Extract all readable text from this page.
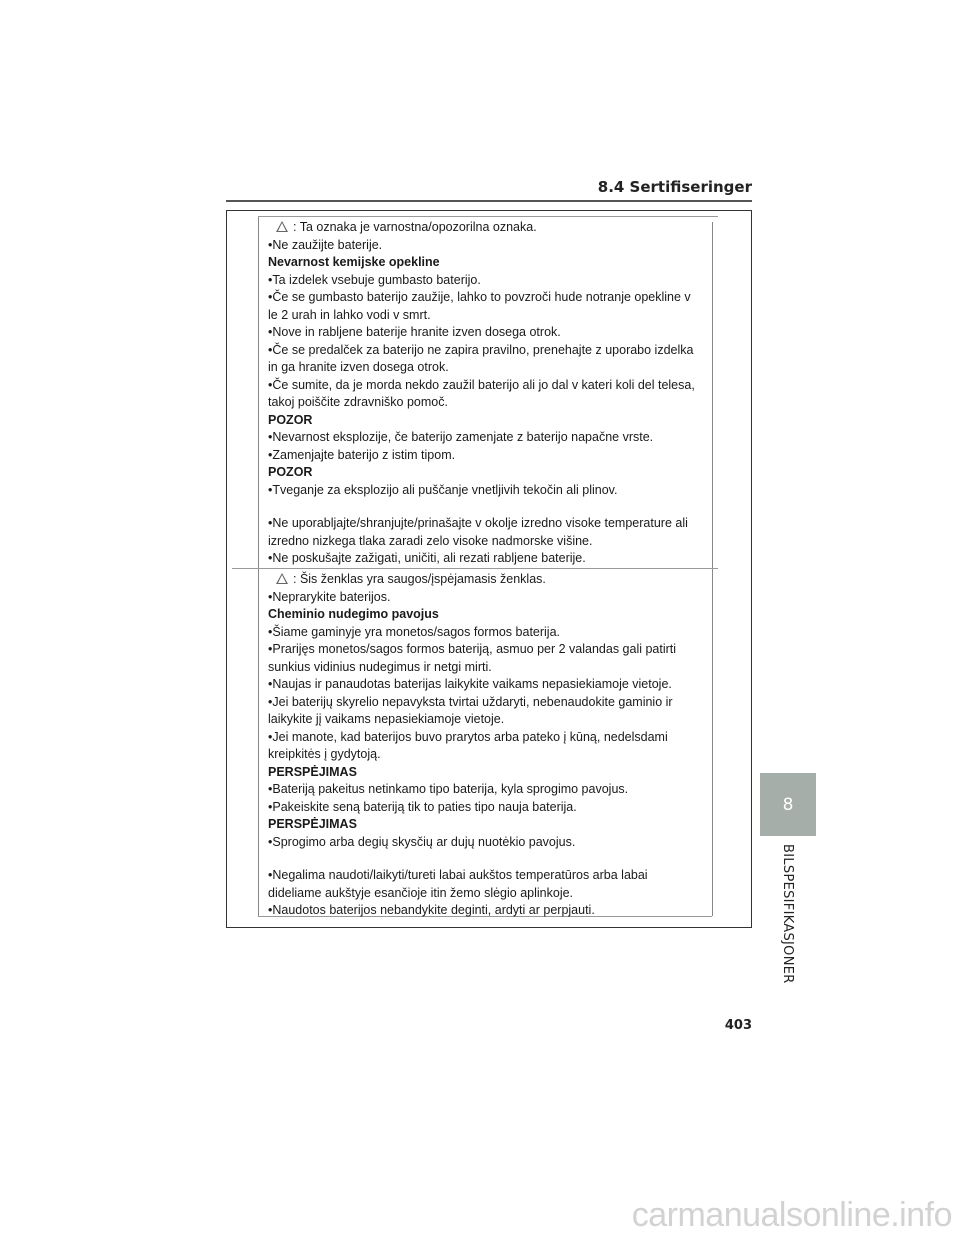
8.4 Sertifiseringer

: Ta oznaka je varnostna/opozorilna oznaka.

•Ne zaužijte baterije.

Nevarnost kemijske opekline

•Ta izdelek vsebuje gumbasto baterijo.

•Če se gumbasto baterijo zaužije, lahko to povzroči hude notranje opekline v

le 2 urah in lahko vodi v smrt.

•Nove in rabljene baterije hranite izven dosega otrok.

•Če se predalček za baterijo ne zapira pravilno, prenehajte z uporabo izdelka

in ga hranite izven dosega otrok.

•Če sumite, da je morda nekdo zaužil baterijo ali jo dal v kateri koli del telesa,

takoj poiščite zdravniško pomoč.

POZOR

•Nevarnost eksplozije, če baterijo zamenjate z baterijo napačne vrste.

•Zamenjajte baterijo z istim tipom.

POZOR

•Tveganje za eksplozijo ali puščanje vnetljivih tekočin ali plinov.

•Ne uporabljajte/shranjujte/prinašajte v okolje izredno visoke temperature ali

izredno nizkega tlaka zaradi zelo visoke nadmorske višine.

•Ne poskušajte zažigati, uničiti, ali rezati rabljene baterije.

: Šis ženklas yra saugos/įspėjamasis ženklas.

•Neprarykite baterijos.

Cheminio nudegimo pavojus

•Šiame gaminyje yra monetos/sagos formos baterija.

•Prarijęs monetos/sagos formos bateriją, asmuo per 2 valandas gali patirti

sunkius vidinius nudegimus ir netgi mirti.

•Naujas ir panaudotas baterijas laikykite vaikams nepasiekiamoje vietoje.

•Jei baterijų skyrelio nepavyksta tvirtai uždaryti, nebenaudokite gaminio ir

laikykite jį vaikams nepasiekiamoje vietoje.

•Jei manote, kad baterijos buvo prarytos arba pateko į kūną, nedelsdami

kreipkitės į gydytoją.

PERSPĖJIMAS

•Bateriją pakeitus netinkamo tipo baterija, kyla sprogimo pavojus.

•Pakeiskite seną bateriją tik to paties tipo nauja baterija.

PERSPĖJIMAS

•Sprogimo arba degių skysčių ar dujų nuotėkio pavojus.

•Negalima naudoti/laikyti/tureti labai aukštos temperatūros arba labai

dideliame aukštyje esančioje itin žemo slėgio aplinkoje.

•Naudotos baterijos nebandykite deginti, ardyti ar perpjauti.

8
BILSPESIFIKASJONER
403
carmanualsonline.info
